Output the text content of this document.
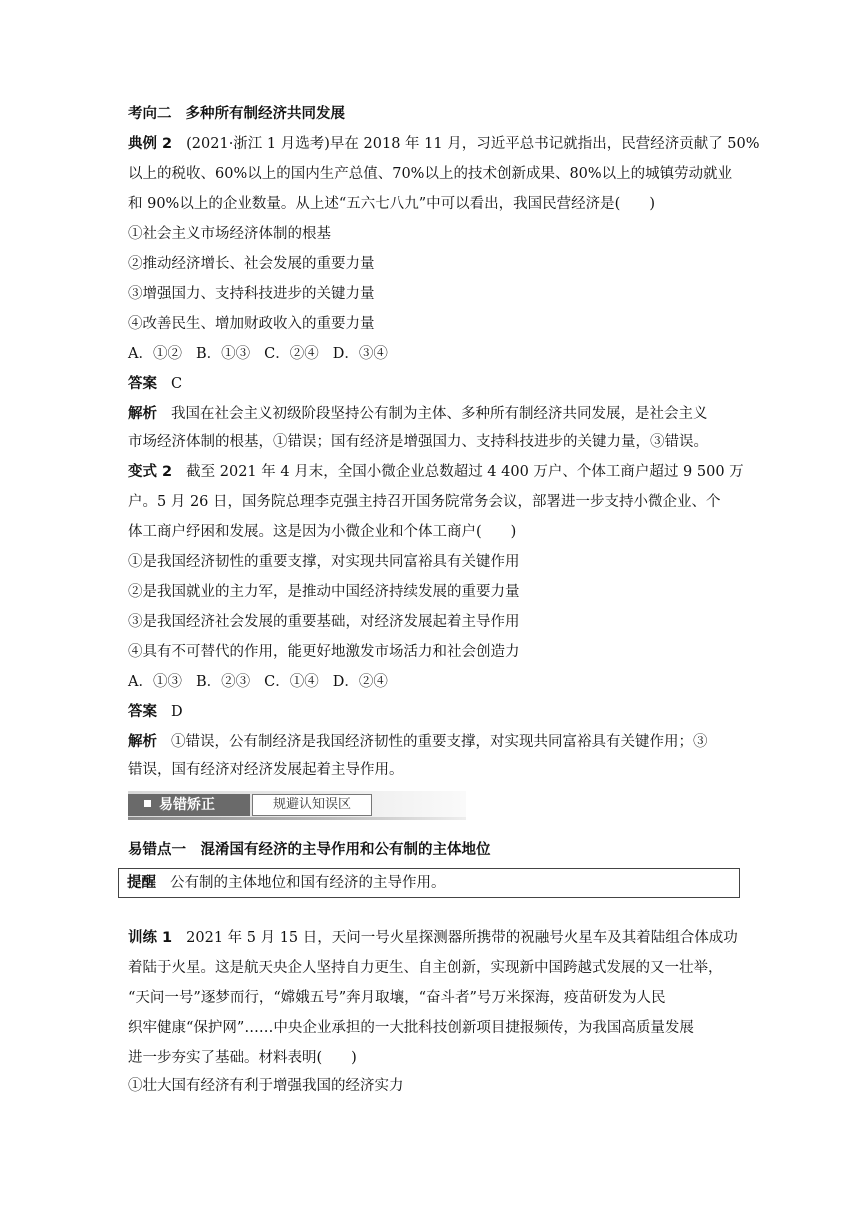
考向二 多种所有制经济共同发展
典例 2 (2021·浙江 1 月选考)早在 2018 年 11 月，习近平总书记就指出，民营经济贡献了 50%
以上的税收、60%以上的国内生产总值、70%以上的技术创新成果、80%以上的城镇劳动就业
和 90%以上的企业数量。从上述“五六七八九”中可以看出，我国民营经济是(　　)
①社会主义市场经济体制的根基
②推动经济增长、社会发展的重要力量
③增强国力、支持科技进步的关键力量
④改善民生、增加财政收入的重要力量
A．①② B．①③ C．②④ D．③④
答案 C
解析 我国在社会主义初级阶段坚持公有制为主体、多种所有制经济共同发展，是社会主义
市场经济体制的根基，①错误；国有经济是增强国力、支持科技进步的关键力量，③错误。
变式 2 截至 2021 年 4 月末，全国小微企业总数超过 4 400 万户、个体工商户超过 9 500 万
户。5 月 26 日，国务院总理李克强主持召开国务院常务会议，部署进一步支持小微企业、个
体工商户纾困和发展。这是因为小微企业和个体工商户(　　)
①是我国经济韧性的重要支撑，对实现共同富裕具有关键作用
②是我国就业的主力军，是推动中国经济持续发展的重要力量
③是我国经济社会发展的重要基础，对经济发展起着主导作用
④具有不可替代的作用，能更好地激发市场活力和社会创造力
A．①③ B．②③ C．①④ D．②④
答案 D
解析 ①错误，公有制经济是我国经济韧性的重要支撑，对实现共同富裕具有关键作用；③
错误，国有经济对经济发展起着主导作用。
易错矫正	规避认知误区
易错点一　混淆国有经济的主导作用和公有制的主体地位
提醒 公有制的主体地位和国有经济的主导作用。
训练 1 2021 年 5 月 15 日，天问一号火星探测器所携带的祝融号火星车及其着陆组合体成功
着陆于火星。这是航天央企人坚持自力更生、自主创新，实现新中国跨越式发展的又一壮举，
“天问一号”逐梦而行，“嫦娥五号”奔月取壤，“奋斗者”号万米探海，疫苗研发为人民
织牢健康“保护网”……中央企业承担的一大批科技创新项目捷报频传，为我国高质量发展
进一步夯实了基础。材料表明(　　)
①壮大国有经济有利于增强我国的经济实力
